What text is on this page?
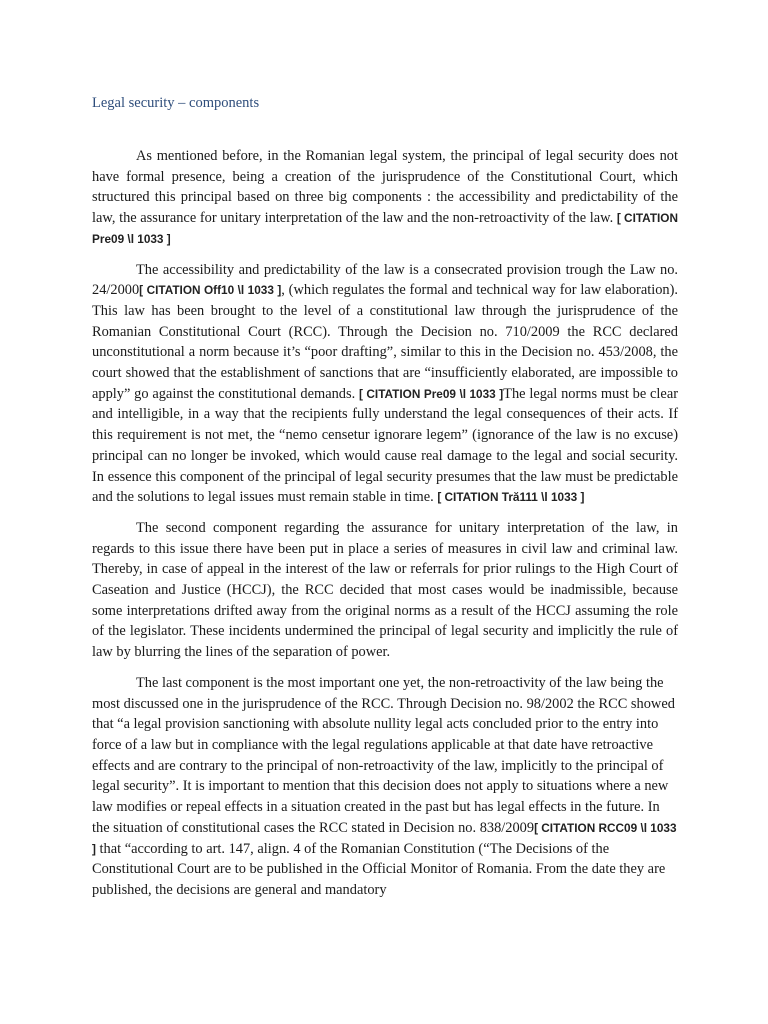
Legal security – components

As mentioned before, in the Romanian legal system, the principal of legal security does not have formal presence, being a creation of the jurisprudence of the Constitutional Court, which structured this principal based on three big components : the accessibility and predictability of the law, the assurance for unitary interpretation of the law and the non-retroactivity of the law. [ CITATION Pre09 \l 1033 ]

The accessibility and predictability of the law is a consecrated provision trough the Law no. 24/2000[ CITATION Off10 \l 1033 ], (which regulates the formal and technical way for law elaboration). This law has been brought to the level of a constitutional law through the jurisprudence of the Romanian Constitutional Court (RCC). Through the Decision no. 710/2009 the RCC declared unconstitutional a norm because it’s “poor drafting”, similar to this in the Decision no. 453/2008, the court showed that the establishment of sanctions that are “insufficiently elaborated, are impossible to apply” go against the constitutional demands. [ CITATION Pre09 \l 1033 ]The legal norms must be clear and intelligible, in a way that the recipients fully understand the legal consequences of their acts. If this requirement is not met, the “nemo censetur ignorare legem” (ignorance of the law is no excuse) principal can no longer be invoked, which would cause real damage to the legal and social security. In essence this component of the principal of legal security presumes that the law must be predictable and the solutions to legal issues must remain stable in time. [ CITATION Tră111 \l 1033 ]

The second component regarding the assurance for unitary interpretation of the law, in regards to this issue there have been put in place a series of measures in civil law and criminal law. Thereby, in case of appeal in the interest of the law or referrals for prior rulings to the High Court of Caseation and Justice (HCCJ), the RCC decided that most cases would be inadmissible, because some interpretations drifted away from the original norms as a result of the HCCJ assuming the role of the legislator. These incidents undermined the principal of legal security and implicitly the rule of law by blurring the lines of the separation of power.

The last component is the most important one yet, the non-retroactivity of the law being the most discussed one in the jurisprudence of the RCC. Through Decision no. 98/2002 the RCC showed that “a legal provision sanctioning with absolute nullity legal acts concluded prior to the entry into force of a law but in compliance with the legal regulations applicable at that date have retroactive effects and are contrary to the principal of non-retroactivity of the law, implicitly to the principal of legal security”. It is important to mention that this decision does not apply to situations where a new law modifies or repeal effects in a situation created in the past but has legal effects in the future. In the situation of constitutional cases the RCC stated in Decision no. 838/2009[ CITATION RCC09 \l 1033 ] that “according to art. 147, align. 4 of the Romanian Constitution (“The Decisions of the Constitutional Court are to be published in the Official Monitor of Romania. From the date they are published, the decisions are general and mandatory
